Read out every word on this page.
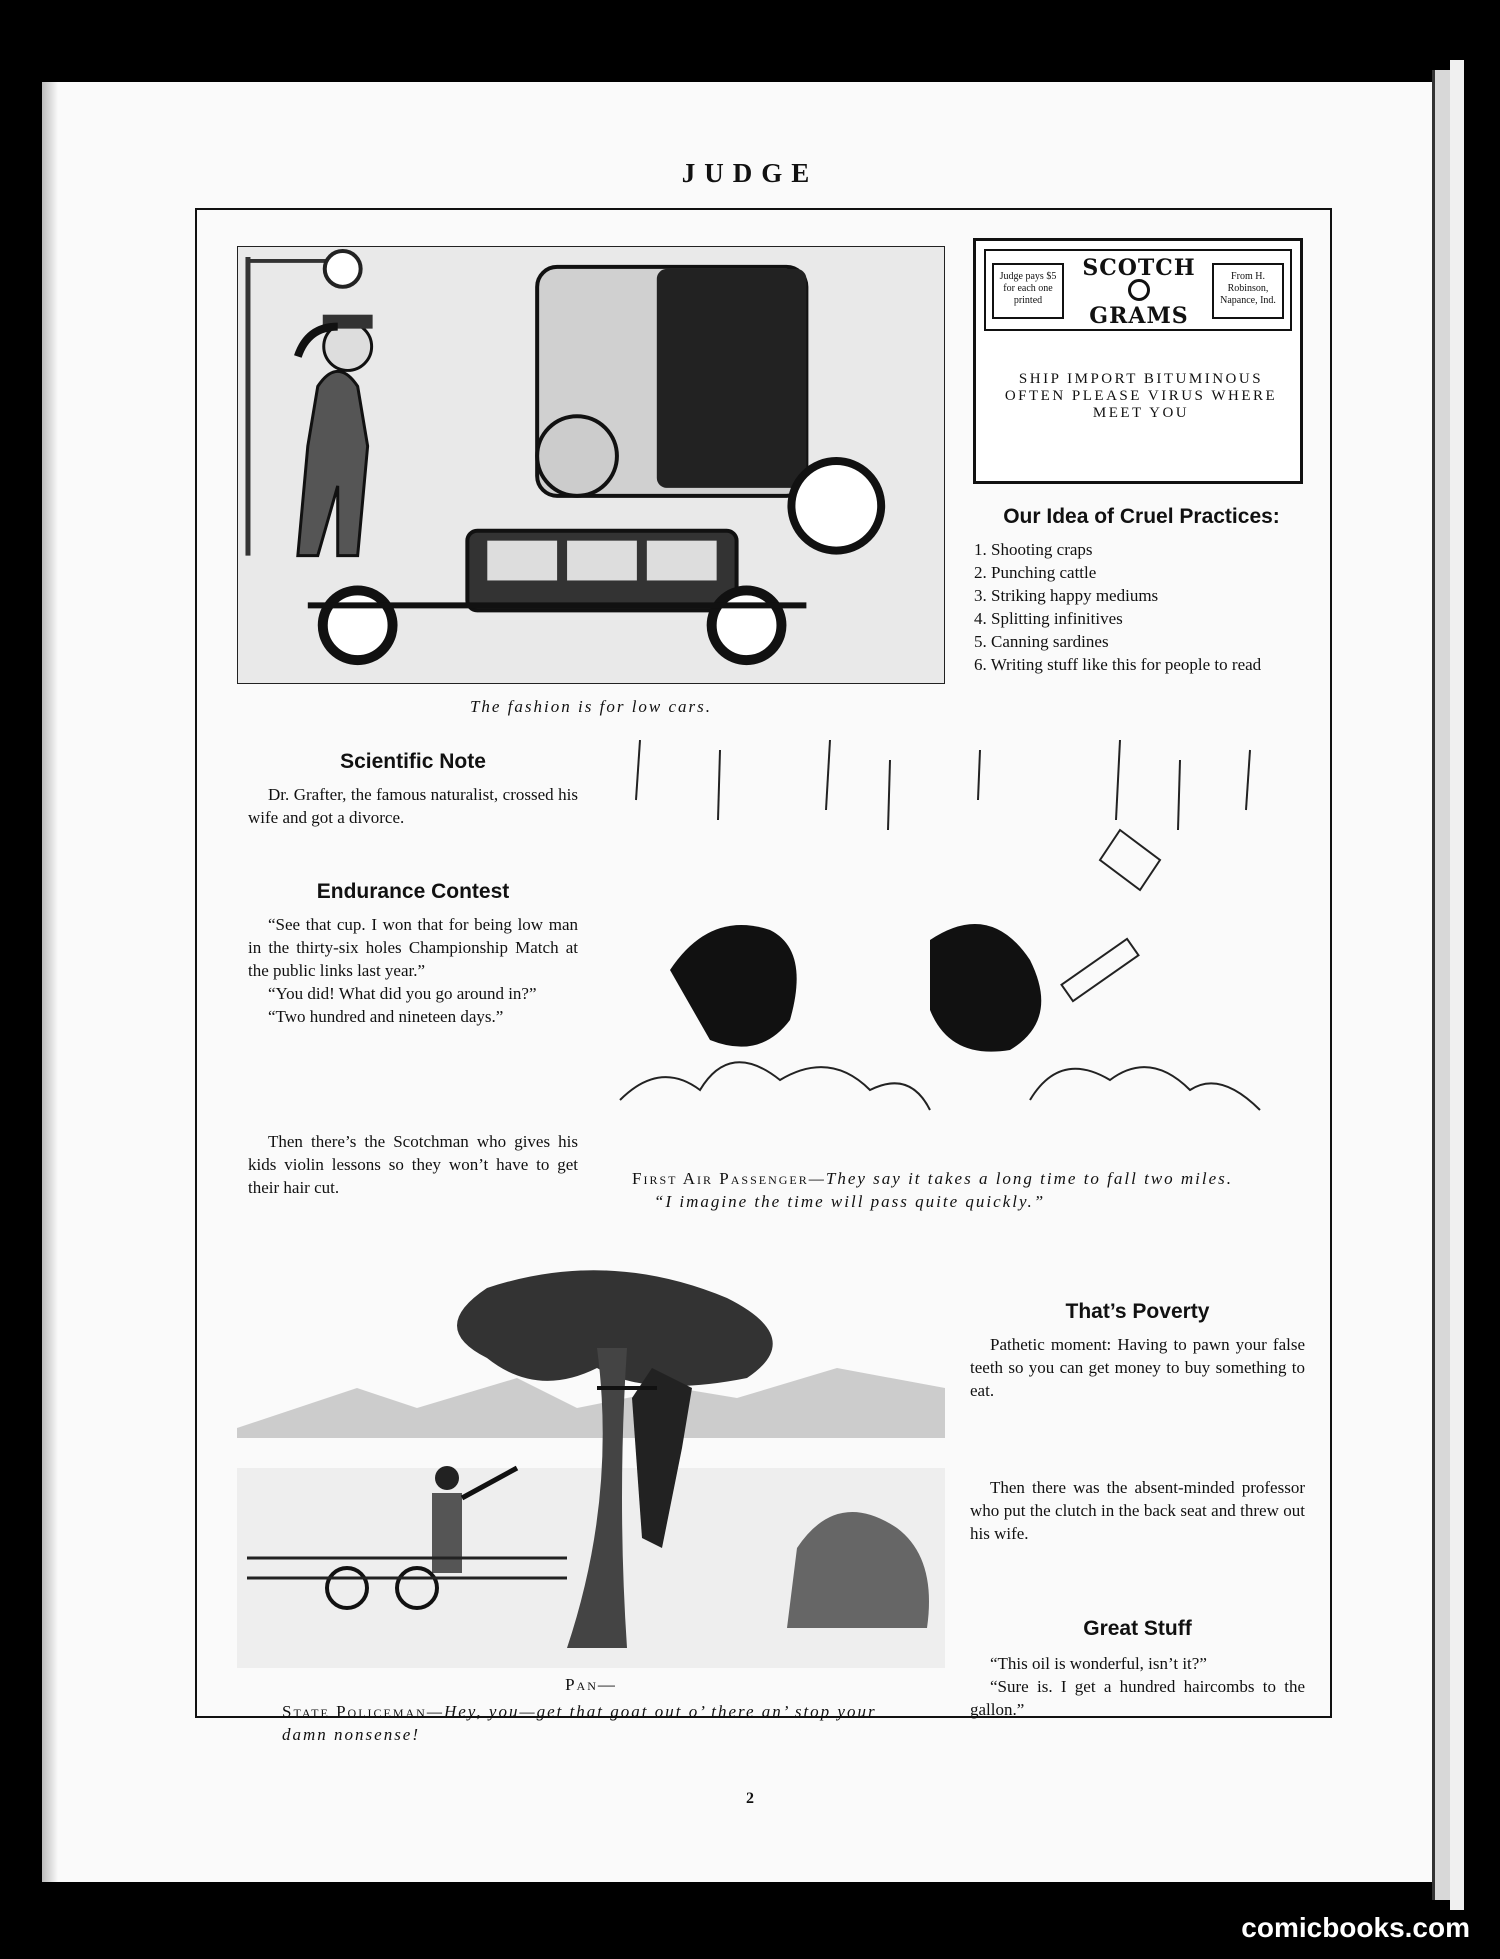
JUDGE
The fashion is for low cars.
Judge pays $5 for each one printed
SCOTCH
GRAMS
From H. Robinson, Napance, Ind.
SHIP IMPORT BITUMINOUS OFTEN PLEASE VIRUS WHERE MEET YOU
Our Idea of Cruel Practices:
1. Shooting craps
2. Punching cattle
3. Striking happy mediums
4. Splitting infinitives
5. Canning sardines
6. Writing stuff like this for people to read
Scientific Note

Dr. Grafter, the famous naturalist, crossed his wife and got a divorce.

Endurance Contest

“See that cup. I won that for being low man in the thirty-six holes Championship Match at the public links last year.”

“You did! What did you go around in?”

“Two hundred and nineteen days.”

Then there’s the Scotchman who gives his kids violin lessons so they won’t have to get their hair cut.	First Air Passenger—They say it takes a long time to fall two miles.
“I imagine the time will pass quite quickly.”
Pan—
State Policeman—Hey, you—get that goat out o’ there an’ stop your damn nonsense!
That’s Poverty

Pathetic moment: Having to pawn your false teeth so you can get money to buy something to eat.

Then there was the absent-minded professor who put the clutch in the back seat and threw out his wife.

Great Stuff

“This oil is wonderful, isn’t it?”

“Sure is. I get a hundred haircombs to the gallon.”

2
comicbooks.com
